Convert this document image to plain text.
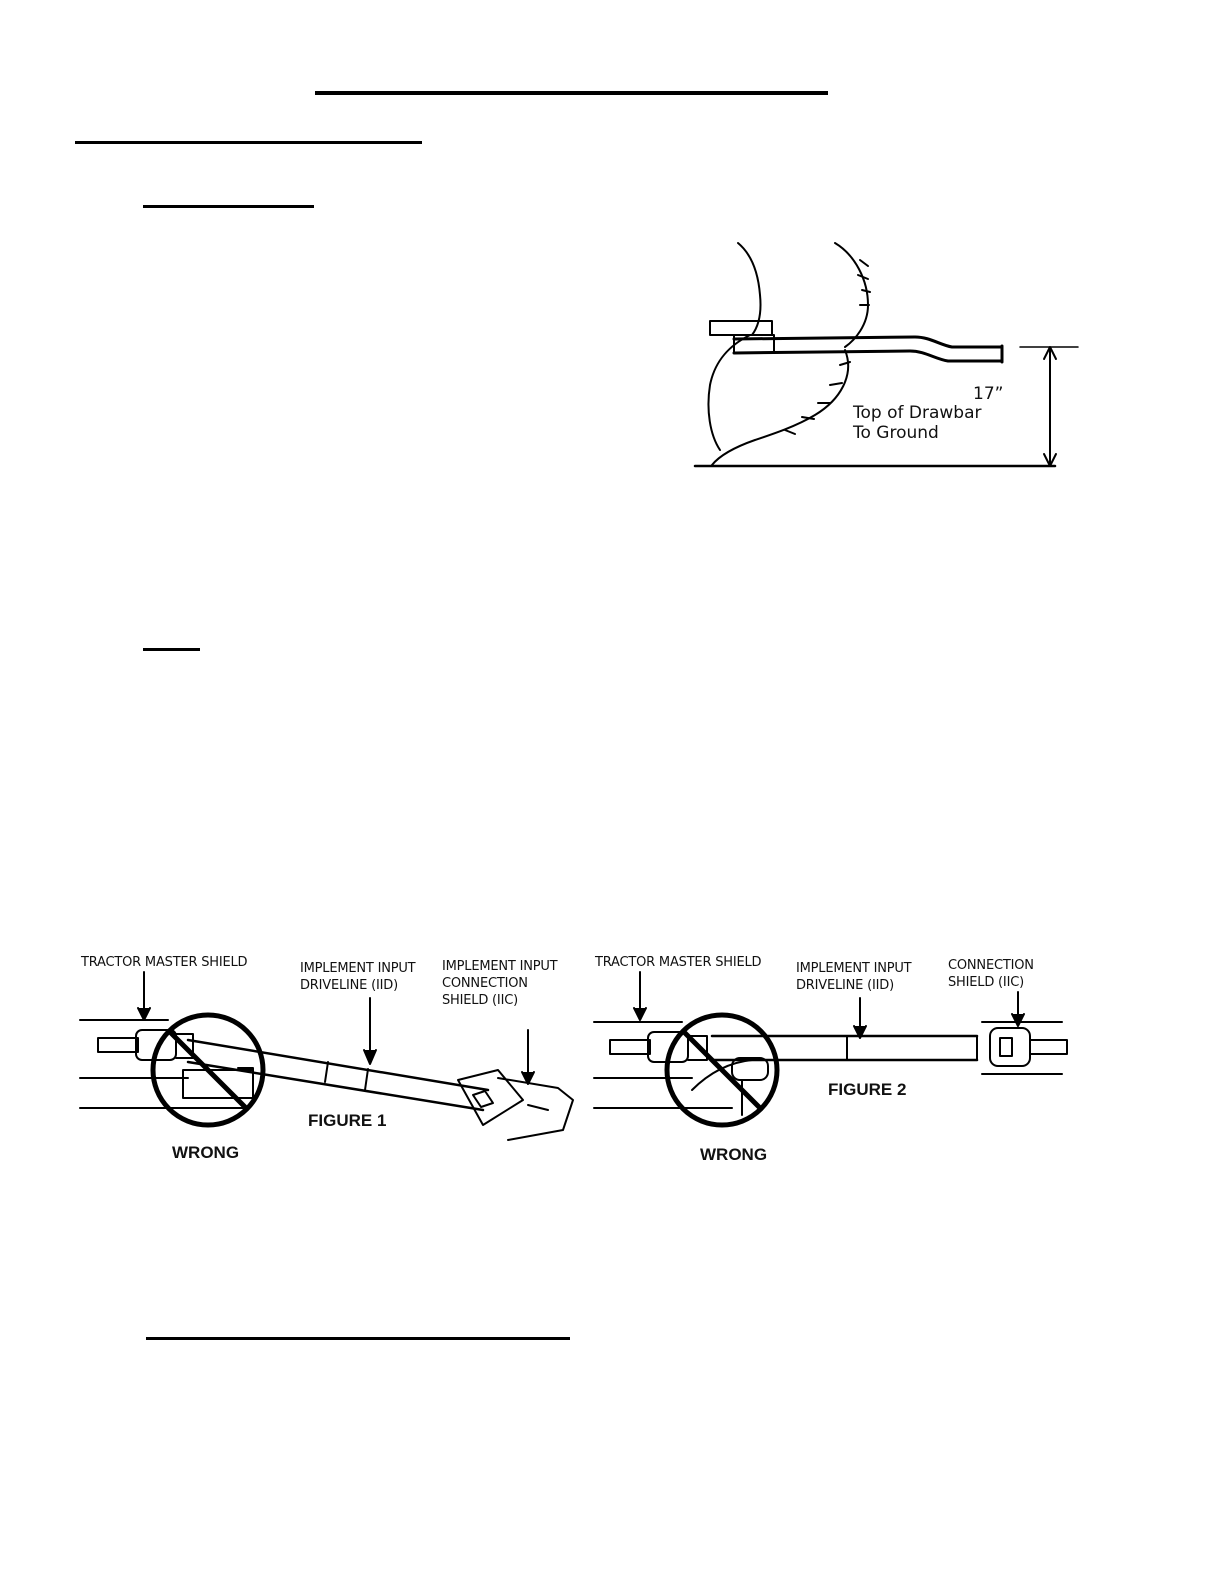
17”
Top of Drawbar
To Ground
TRACTOR MASTER SHIELD	IMPLEMENT INPUT
DRIVELINE (IID)
IMPLEMENT INPUT
CONNECTION
SHIELD (IIC)
FIGURE 1
WRONG
TRACTOR MASTER SHIELD	IMPLEMENT INPUT
DRIVELINE (IID)
CONNECTION
SHIELD (IIC)
FIGURE 2
WRONG
